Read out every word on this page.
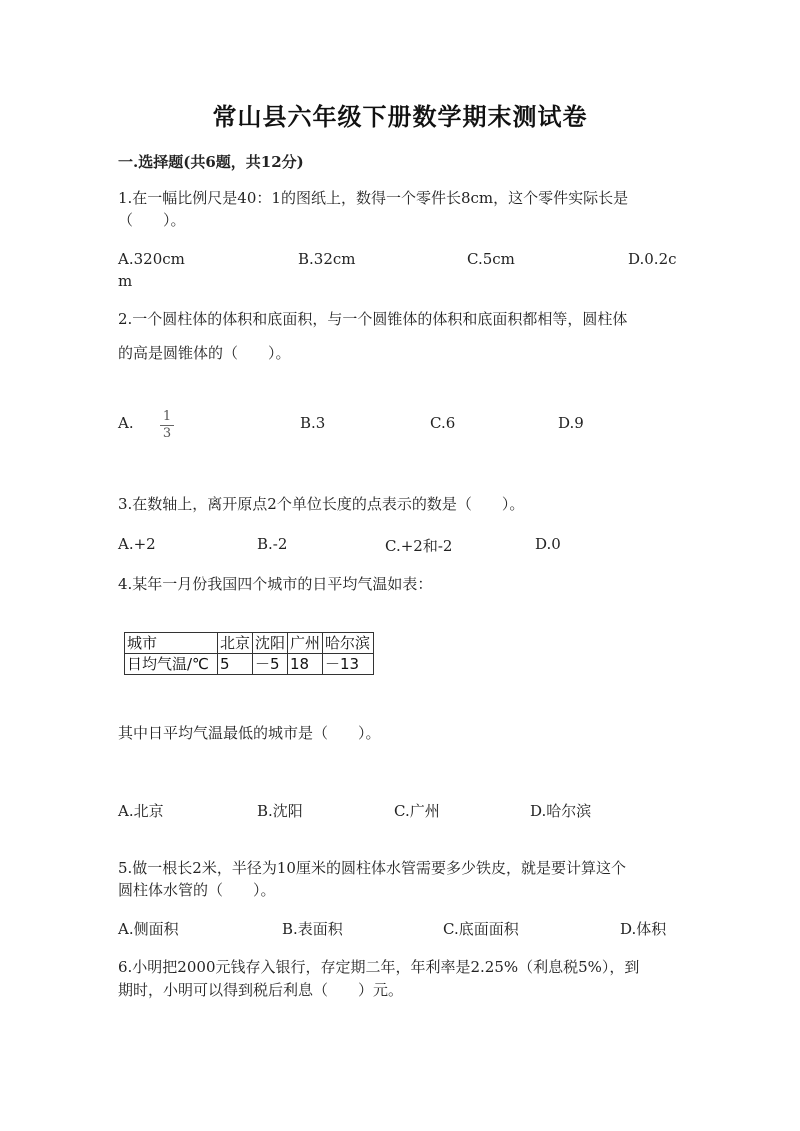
常山县六年级下册数学期末测试卷
一.选择题(共6题，共12分)
1.在一幅比例尺是40：1的图纸上，数得一个零件长8cm，这个零件实际长是
（　　）。
A.320cm	B.32cm	C.5cm	D.0.2c
m
2.一个圆柱体的体积和底面积，与一个圆锥体的体积和底面积都相等，圆柱体
的高是圆锥体的（　　）。
A. 1
3
B.3	C.6	D.9
3.在数轴上，离开原点2个单位长度的点表示的数是（　　）。
A.+2	B.-2	C.+2和-2	D.0
4.某年一月份我国四个城市的日平均气温如表：
城市	北京	沈阳	广州	哈尔滨
日均气温/℃	5	－5	18	－13
其中日平均气温最低的城市是（　　）。
A.北京	B.沈阳	C.广州	D.哈尔滨
5.做一根长2米，半径为10厘米的圆柱体水管需要多少铁皮，就是要计算这个
圆柱体水管的（　　）。
A.侧面积	B.表面积	C.底面面积	D.体积
6.小明把2000元钱存入银行，存定期二年，年利率是2.25%（利息税5%），到
期时，小明可以得到税后利息（　　）元。
